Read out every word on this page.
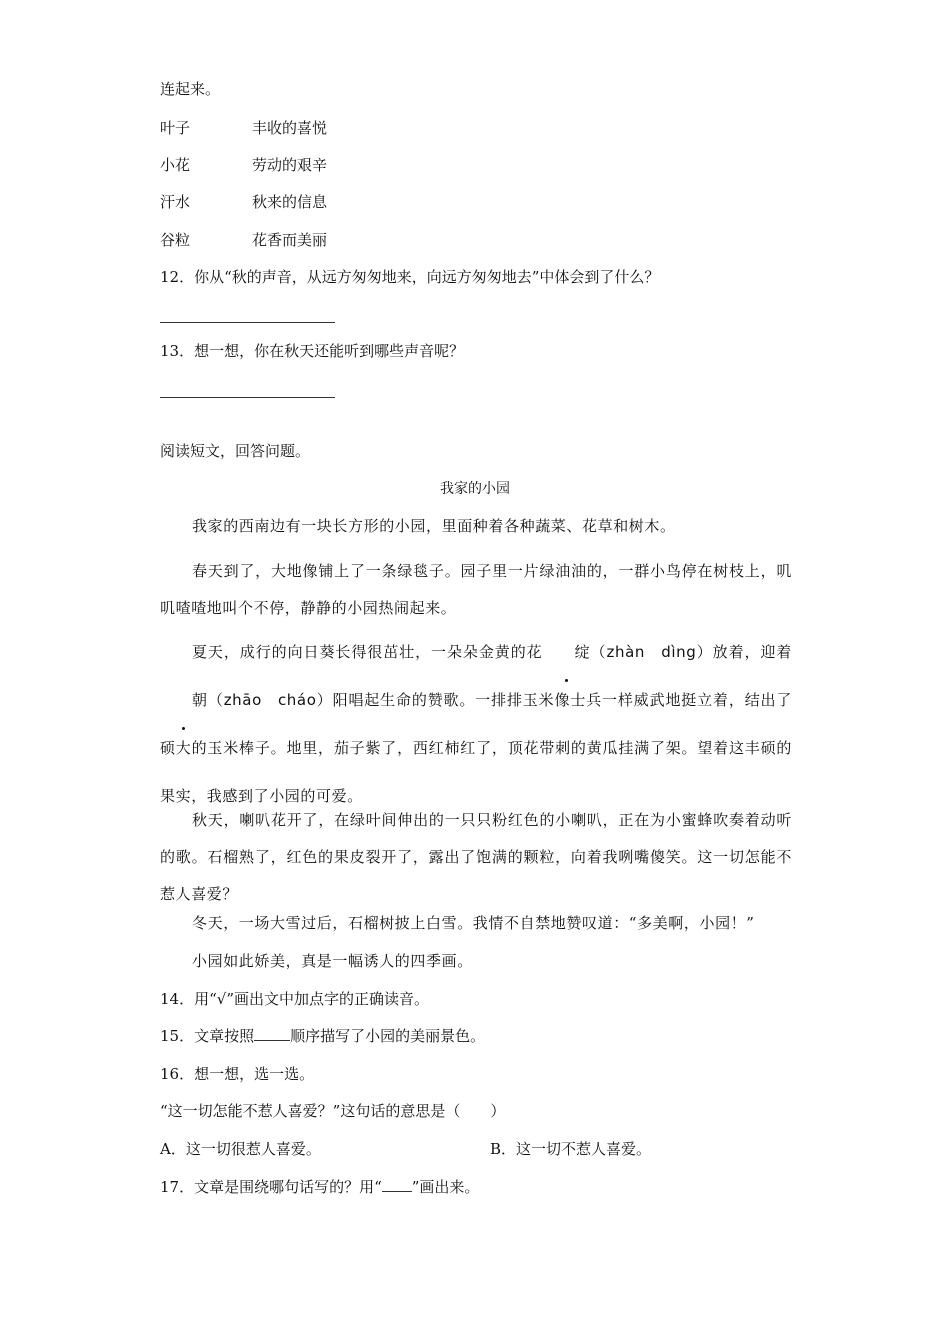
连起来。
叶子	丰收的喜悦
小花	劳动的艰辛
汗水	秋来的信息
谷粒	花香而美丽
12．你从“秋的声音，从远方匆匆地来，向远方匆匆地去”中体会到了什么？
13．想一想，你在秋天还能听到哪些声音呢？
阅读短文，回答问题。
我家的小园
我家的西南边有一块长方形的小园，里面种着各种蔬菜、花草和树木。
春天到了，大地像铺上了一条绿毯子。园子里一片绿油油的，一群小鸟停在树枝上，叽叽喳喳地叫个不停，静静的小园热闹起来。
夏天，成行的向日葵长得很茁壮，一朵朵金黄的花 绽（zhàn　dìng）放着，迎着朝（zhāo　cháo）阳唱起生命的赞歌。一排排玉米像士兵一样威武地挺立着，结出了硕大的玉米棒子。地里，茄子紫了，西红柿红了，顶花带刺的黄瓜挂满了架。望着这丰硕的果实，我感到了小园的可爱。
秋天，喇叭花开了，在绿叶间伸出的一只只粉红色的小喇叭，正在为小蜜蜂吹奏着动听的歌。石榴熟了，红色的果皮裂开了，露出了饱满的颗粒，向着我咧嘴傻笑。这一切怎能不惹人喜爱？
冬天，一场大雪过后，石榴树披上白雪。我情不自禁地赞叹道：“多美啊，小园！”
小园如此娇美，真是一幅诱人的四季画。
14．用“√”画出文中加点字的正确读音。
15．文章按照 顺序描写了小园的美丽景色。
16．想一想，选一选。
“这一切怎能不惹人喜爱？”这句话的意思是（　　）
A．这一切很惹人喜爱。	B．这一切不惹人喜爱。
17．文章是围绕哪句话写的？用“ ”画出来。
